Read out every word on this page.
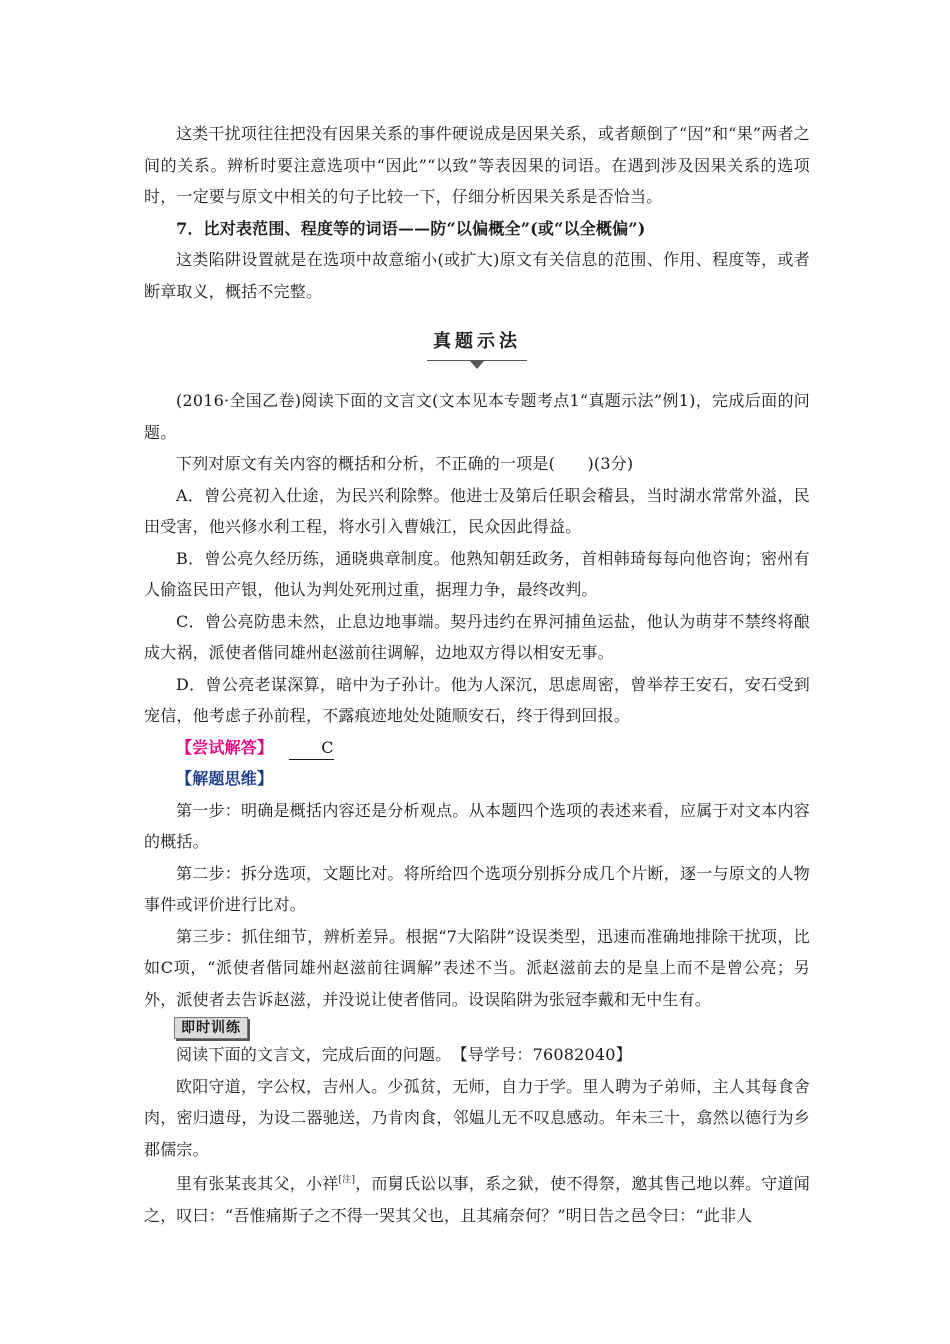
这类干扰项往往把没有因果关系的事件硬说成是因果关系，或者颠倒了“因”和“果”两者之间的关系。辨析时要注意选项中“因此”“以致”等表因果的词语。在遇到涉及因果关系的选项时，一定要与原文中相关的句子比较一下，仔细分析因果关系是否恰当。

7．比对表范围、程度等的词语——防“以偏概全”(或“以全概偏”)

这类陷阱设置就是在选项中故意缩小(或扩大)原文有关信息的范围、作用、程度等，或者断章取义，概括不完整。

真题示法

(2016·全国乙卷)阅读下面的文言文(文本见本专题考点1“真题示法”例1)，完成后面的问题。

下列对原文有关内容的概括和分析，不正确的一项是(　　)(3分)

A．曾公亮初入仕途，为民兴利除弊。他进士及第后任职会稽县，当时湖水常常外溢，民田受害，他兴修水利工程，将水引入曹娥江，民众因此得益。

B．曾公亮久经历练，通晓典章制度。他熟知朝廷政务，首相韩琦每每向他咨询；密州有人偷盗民田产银，他认为判处死刑过重，据理力争，最终改判。

C．曾公亮防患未然，止息边地事端。契丹违约在界河捕鱼运盐，他认为萌芽不禁终将酿成大祸，派使者偕同雄州赵滋前往调解，边地双方得以相安无事。

D．曾公亮老谋深算，暗中为子孙计。他为人深沉，思虑周密，曾举荐王安石，安石受到宠信，他考虑子孙前程，不露痕迹地处处随顺安石，终于得到回报。

【尝试解答】	C

【解题思维】

第一步：明确是概括内容还是分析观点。从本题四个选项的表述来看，应属于对文本内容的概括。

第二步：拆分选项，文题比对。将所给四个选项分别拆分成几个片断，逐一与原文的人物事件或评价进行比对。

第三步：抓住细节，辨析差异。根据“7大陷阱”设误类型，迅速而准确地排除干扰项，比如C项，“派使者偕同雄州赵滋前往调解”表述不当。派赵滋前去的是皇上而不是曾公亮；另外，派使者去告诉赵滋，并没说让使者偕同。设误陷阱为张冠李戴和无中生有。

即时训练

阅读下面的文言文，完成后面的问题。　【导学号：76082040】

欧阳守道，字公权，吉州人。少孤贫，无师，自力于学。里人聘为子弟师，主人其每食舍肉，密归遗母，为设二器驰送，乃肯肉食，邻媪儿无不叹息感动。年未三十，翕然以德行为乡郡儒宗。

里有张某丧其父，小祥[注]，而舅氏讼以事，系之狱，使不得祭，邀其售己地以葬。守道闻之，叹曰：“吾惟痛斯子之不得一哭其父也，且其痛奈何？”明日告之邑令曰：“此非人
